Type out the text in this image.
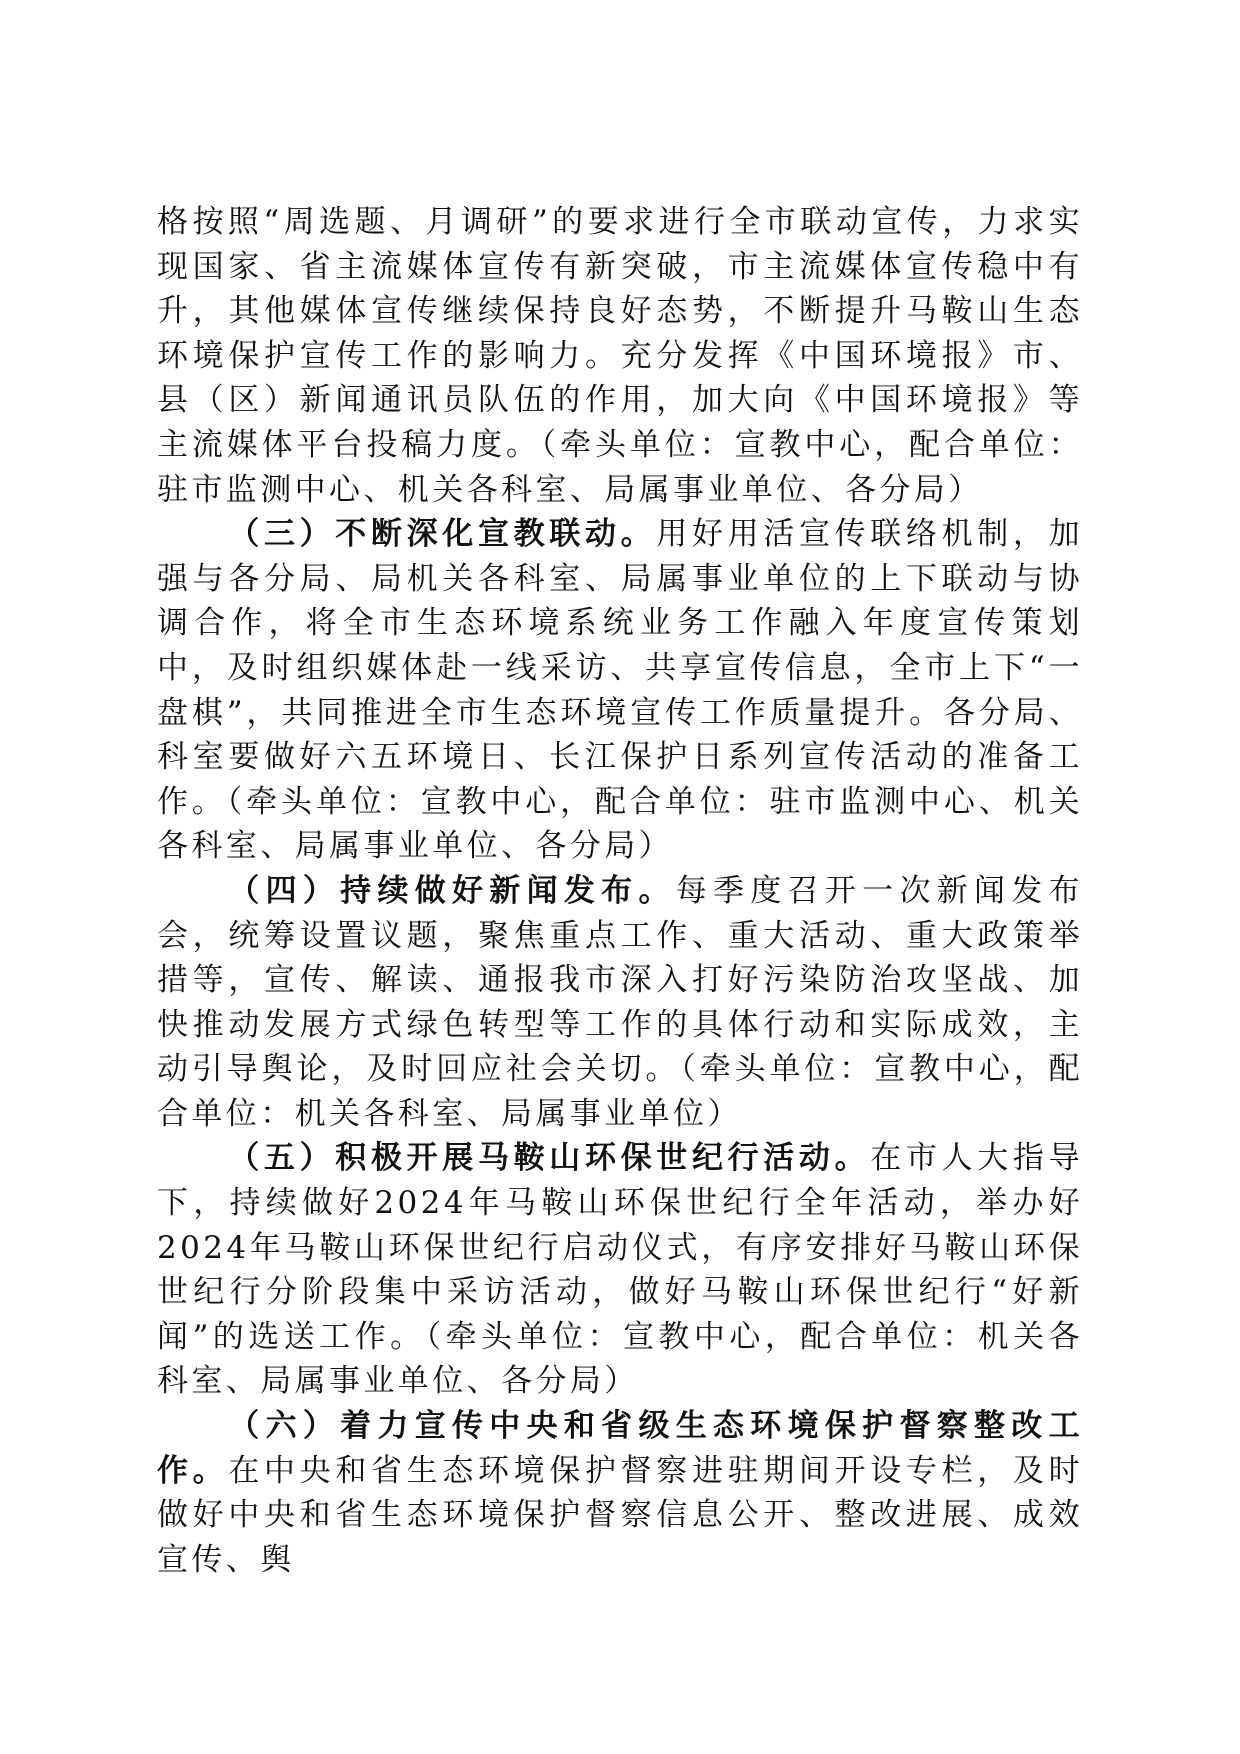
格按照“周选题、月调研”的要求进行全市联动宣传，力求实现国家、省主流媒体宣传有新突破，市主流媒体宣传稳中有升，其他媒体宣传继续保持良好态势，不断提升马鞍山生态环境保护宣传工作的影响力。充分发挥《中国环境报》市、县（区）新闻通讯员队伍的作用，加大向《中国环境报》等主流媒体平台投稿力度。（牵头单位：宣教中心，配合单位：驻市监测中心、机关各科室、局属事业单位、各分局）

（三）不断深化宣教联动。用好用活宣传联络机制，加强与各分局、局机关各科室、局属事业单位的上下联动与协调合作，将全市生态环境系统业务工作融入年度宣传策划中，及时组织媒体赴一线采访、共享宣传信息，全市上下“一盘棋”，共同推进全市生态环境宣传工作质量提升。各分局、科室要做好六五环境日、长江保护日系列宣传活动的准备工作。（牵头单位：宣教中心，配合单位：驻市监测中心、机关各科室、局属事业单位、各分局）

（四）持续做好新闻发布。每季度召开一次新闻发布会，统筹设置议题，聚焦重点工作、重大活动、重大政策举措等，宣传、解读、通报我市深入打好污染防治攻坚战、加快推动发展方式绿色转型等工作的具体行动和实际成效，主动引导舆论，及时回应社会关切。（牵头单位：宣教中心，配合单位：机关各科室、局属事业单位）

（五）积极开展马鞍山环保世纪行活动。在市人大指导下，持续做好2024年马鞍山环保世纪行全年活动，举办好2024年马鞍山环保世纪行启动仪式，有序安排好马鞍山环保世纪行分阶段集中采访活动，做好马鞍山环保世纪行“好新闻”的选送工作。（牵头单位：宣教中心，配合单位：机关各科室、局属事业单位、各分局）

（六）着力宣传中央和省级生态环境保护督察整改工作。在中央和省生态环境保护督察进驻期间开设专栏，及时做好中央和省生态环境保护督察信息公开、整改进展、成效宣传、舆
